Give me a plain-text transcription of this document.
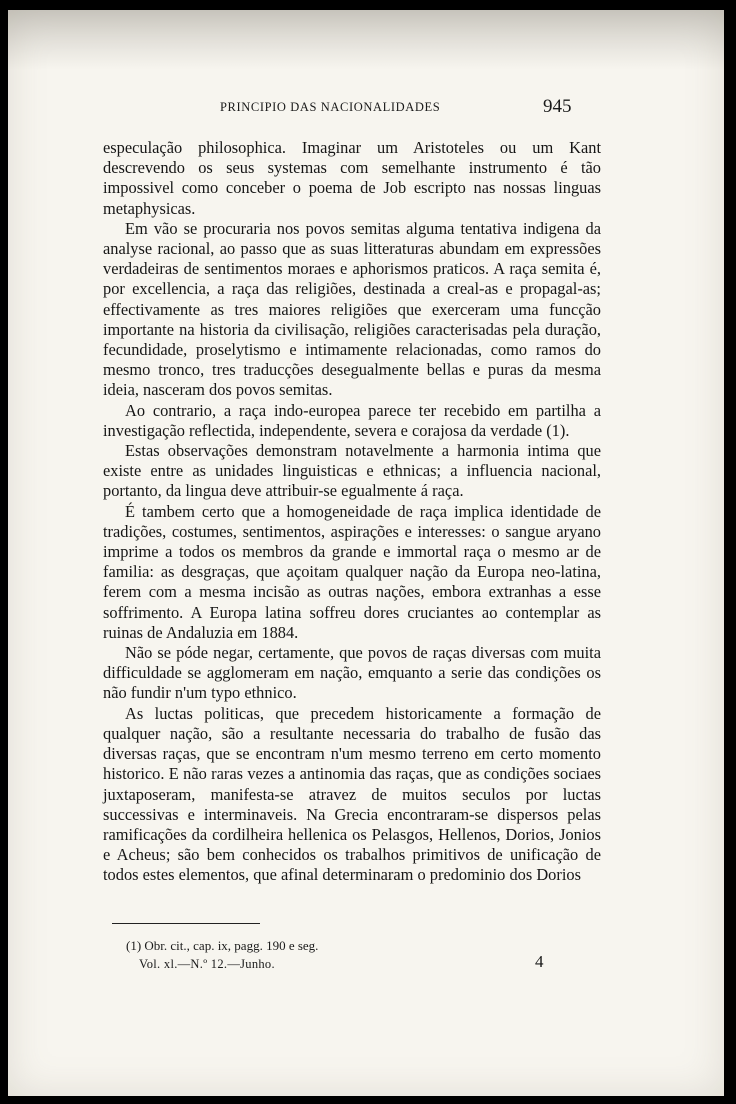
PRINCIPIO DAS NACIONALIDADES	945

especulação philosophica. Imaginar um Aristoteles ou um Kant descrevendo os seus systemas com semelhante instrumento é tão impossivel como conceber o poema de Job escripto nas nossas linguas metaphysicas.

Em vão se procuraria nos povos semitas alguma tentativa indigena da analyse racional, ao passo que as suas litteraturas abundam em expressões verdadeiras de sentimentos moraes e aphorismos praticos. A raça semita é, por excellencia, a raça das religiões, destinada a creal-as e propagal-as; effectivamente as tres maiores religiões que exerceram uma funcção importante na historia da civilisação, religiões caracterisadas pela duração, fecundidade, proselytismo e intimamente relacionadas, como ramos do mesmo tronco, tres traducções desegualmente bellas e puras da mesma ideia, nasceram dos povos semitas.

Ao contrario, a raça indo-europea parece ter recebido em partilha a investigação reflectida, independente, severa e corajosa da verdade (1).

Estas observações demonstram notavelmente a harmonia intima que existe entre as unidades linguisticas e ethnicas; a influencia nacional, portanto, da lingua deve attribuir-se egualmente á raça.

É tambem certo que a homogeneidade de raça implica identidade de tradições, costumes, sentimentos, aspirações e interesses: o sangue aryano imprime a todos os membros da grande e immortal raça o mesmo ar de familia: as desgraças, que açoitam qualquer nação da Europa neo-latina, ferem com a mesma incisão as outras nações, embora extranhas a esse soffrimento. A Europa latina soffreu dores cruciantes ao contemplar as ruinas de Andaluzia em 1884.

Não se póde negar, certamente, que povos de raças diversas com muita difficuldade se agglomeram em nação, emquanto a serie das condições os não fundir n'um typo ethnico.

As luctas politicas, que precedem historicamente a formação de qualquer nação, são a resultante necessaria do trabalho de fusão das diversas raças, que se encontram n'um mesmo terreno em certo momento historico. E não raras vezes a antinomia das raças, que as condições sociaes juxtaposeram, manifesta-se atravez de muitos seculos por luctas successivas e interminaveis. Na Grecia encontraram-se dispersos pelas ramificações da cordilheira hellenica os Pelasgos, Hellenos, Dorios, Jonios e Acheus; são bem conhecidos os trabalhos primitivos de unificação de todos estes elementos, que afinal determinaram o predominio dos Dorios

(1) Obr. cit., cap. ix, pagg. 190 e seg.
Vol. xl.—N.º 12.—Junho.	4
